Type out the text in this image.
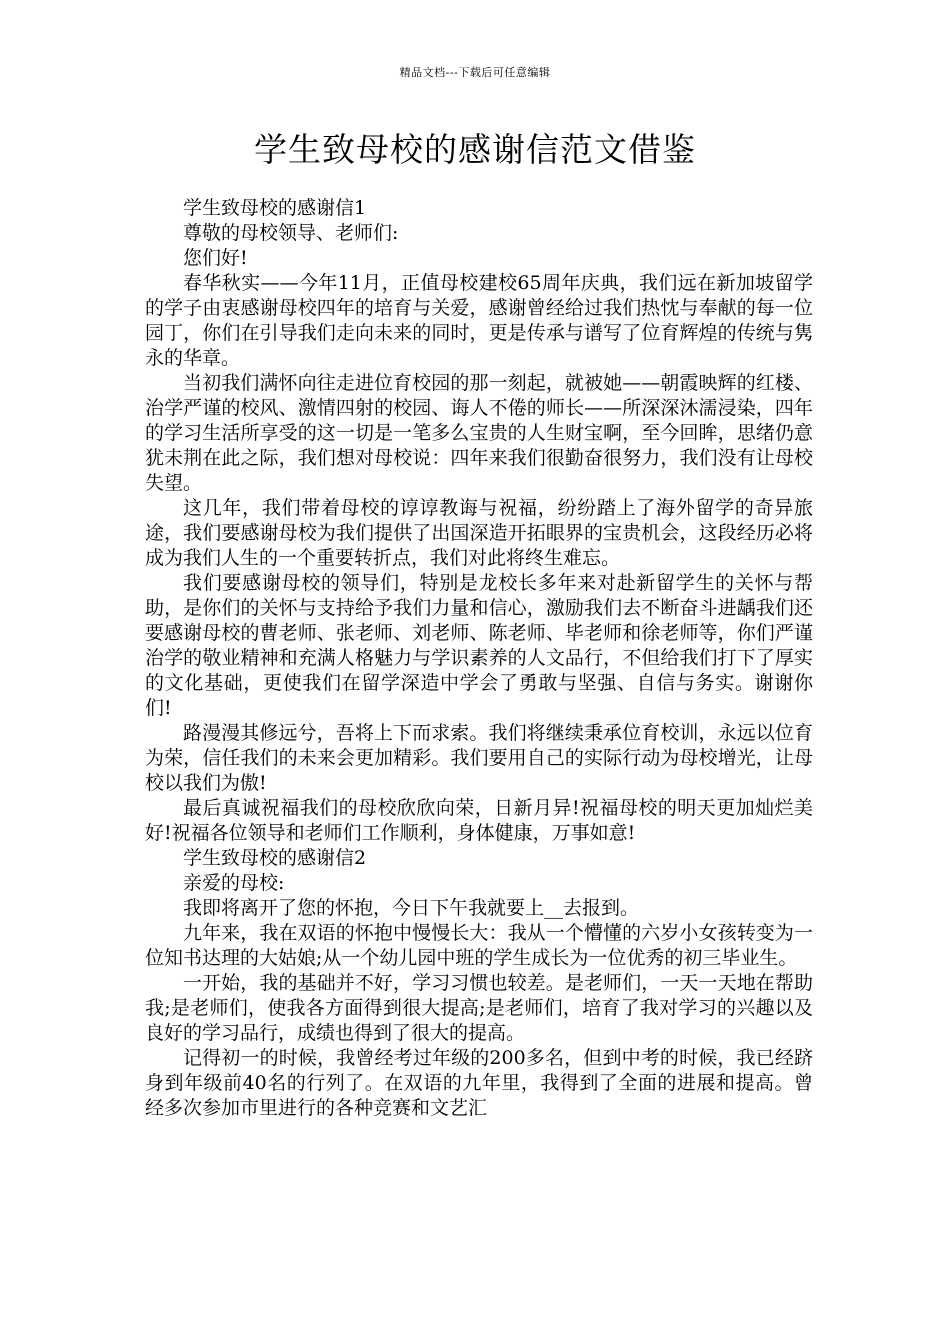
精品文档---下载后可任意编辑
学生致母校的感谢信范文借鉴

学生致母校的感谢信1

尊敬的母校领导、老师们:

您们好!

春华秋实——今年11月，正值母校建校65周年庆典，我们远在新加坡留学的学子由衷感谢母校四年的培育与关爱，感谢曾经给过我们热忱与奉献的每一位园丁，你们在引导我们走向未来的同时，更是传承与谱写了位育辉煌的传统与隽永的华章。

当初我们满怀向往走进位育校园的那一刻起，就被她——朝霞映辉的红楼、治学严谨的校风、激情四射的校园、诲人不倦的师长——所深深沐濡浸染，四年的学习生活所享受的这一切是一笔多么宝贵的人生财宝啊，至今回眸，思绪仍意犹未荆在此之际，我们想对母校说：四年来我们很勤奋很努力，我们没有让母校失望。

这几年，我们带着母校的谆谆教诲与祝福，纷纷踏上了海外留学的奇异旅途，我们要感谢母校为我们提供了出国深造开拓眼界的宝贵机会，这段经历必将成为我们人生的一个重要转折点，我们对此将终生难忘。

我们要感谢母校的领导们，特别是龙校长多年来对赴新留学生的关怀与帮助，是你们的关怀与支持给予我们力量和信心，激励我们去不断奋斗进龋我们还要感谢母校的曹老师、张老师、刘老师、陈老师、毕老师和徐老师等，你们严谨治学的敬业精神和充满人格魅力与学识素养的人文品行，不但给我们打下了厚实的文化基础，更使我们在留学深造中学会了勇敢与坚强、自信与务实。谢谢你们!

路漫漫其修远兮，吾将上下而求索。我们将继续秉承位育校训，永远以位育为荣，信任我们的未来会更加精彩。我们要用自己的实际行动为母校增光，让母校以我们为傲!

最后真诚祝福我们的母校欣欣向荣，日新月异!祝福母校的明天更加灿烂美好!祝福各位领导和老师们工作顺利，身体健康，万事如意!

学生致母校的感谢信2

亲爱的母校:

我即将离开了您的怀抱，今日下午我就要上__去报到。

九年来，我在双语的怀抱中慢慢长大：我从一个懵懂的六岁小女孩转变为一位知书达理的大姑娘;从一个幼儿园中班的学生成长为一位优秀的初三毕业生。

一开始，我的基础并不好，学习习惯也较差。是老师们，一天一天地在帮助我;是老师们，使我各方面得到很大提高;是老师们，培育了我对学习的兴趣以及良好的学习品行，成绩也得到了很大的提高。

记得初一的时候，我曾经考过年级的200多名，但到中考的时候，我已经跻身到年级前40名的行列了。在双语的九年里，我得到了全面的进展和提高。曾经多次参加市里进行的各种竞赛和文艺汇
